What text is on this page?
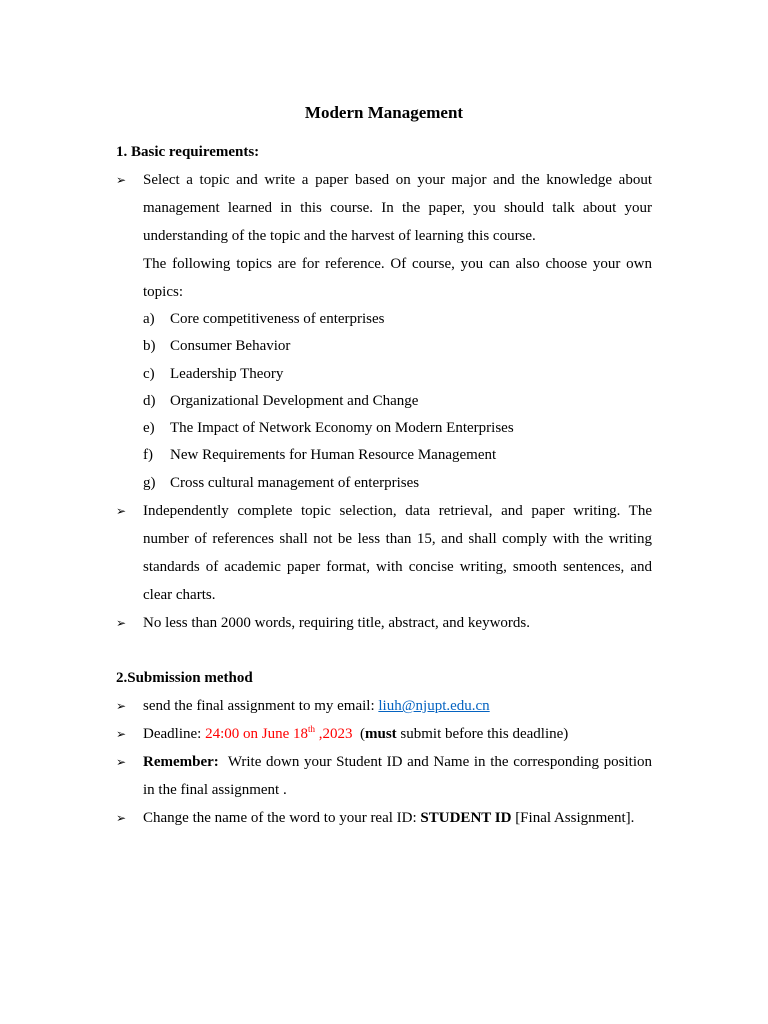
Modern Management
1. Basic requirements:
➢ Select a topic and write a paper based on your major and the knowledge about management learned in this course. In the paper, you should talk about your understanding of the topic and the harvest of learning this course.
The following topics are for reference. Of course, you can also choose your own topics:
a) Core competitiveness of enterprises
b) Consumer Behavior
c) Leadership Theory
d) Organizational Development and Change
e) The Impact of Network Economy on Modern Enterprises
f) New Requirements for Human Resource Management
g) Cross cultural management of enterprises
➢ Independently complete topic selection, data retrieval, and paper writing. The number of references shall not be less than 15, and shall comply with the writing standards of academic paper format, with concise writing, smooth sentences, and clear charts.
➢ No less than 2000 words, requiring title, abstract, and keywords.
2.Submission method
➢ send the final assignment to my email: liuh@njupt.edu.cn
➢ Deadline: 24:00 on June 18th ,2023  (must submit before this deadline)
➢ Remember:  Write down your Student ID and Name in the corresponding position in the final assignment .
➢ Change the name of the word to your real ID: STUDENT ID [Final Assignment].
